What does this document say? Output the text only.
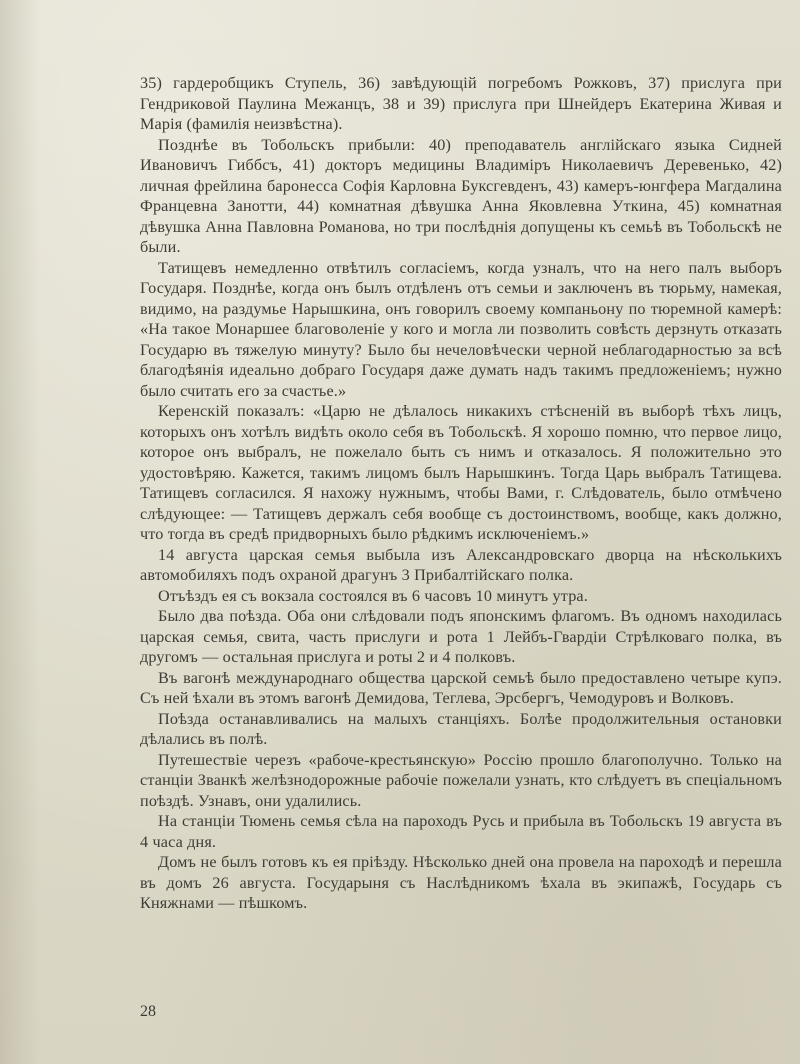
35) гардеробщикъ Ступель, 36) завѣдующій погребомъ Рожковъ, 37) прислуга при Гендриковой Паулина Межанцъ, 38 и 39) прислуга при Шнейдеръ Екатерина Живая и Марія (фамилія неизвѣстна).

Позднѣе въ Тобольскъ прибыли: 40) преподаватель англійскаго языка Сидней Ивановичъ Гиббсъ, 41) докторъ медицины Владиміръ Николаевичъ Деревенько, 42) личная фрейлина баронесса Софія Карловна Буксгевденъ, 43) камеръ-юнгфера Магдалина Францевна Занотти, 44) комнатная дѣвушка Анна Яковлевна Уткина, 45) комнатная дѣвушка Анна Павловна Романова, но три послѣднія допущены къ семьѣ въ Тобольскѣ не были.

Татищевъ немедленно отвѣтилъ согласіемъ, когда узналъ, что на него палъ выборъ Государя. Позднѣе, когда онъ былъ отдѣленъ отъ семьи и заключенъ въ тюрьму, намекая, видимо, на раздумье Нарышкина, онъ говорилъ своему компаньону по тюремной камерѣ: «На такое Монаршее благоволеніе у кого и могла ли позволить совѣсть дерзнуть отказать Государю въ тяжелую минуту? Было бы нечеловѣчески черной неблагодарностью за всѣ благодѣянія идеально добраго Государя даже думать надъ такимъ предложеніемъ; нужно было считать его за счастье.»

Керенскій показалъ: «Царю не дѣлалось никакихъ стѣсненій въ выборѣ тѣхъ лицъ, которыхъ онъ хотѣлъ видѣть около себя въ Тобольскѣ. Я хорошо помню, что первое лицо, которое онъ выбралъ, не пожелало быть съ нимъ и отказалось. Я положительно это удостовѣряю. Кажется, такимъ лицомъ былъ Нарышкинъ. Тогда Царь выбралъ Татищева. Татищевъ согласился. Я нахожу нужнымъ, чтобы Вами, г. Слѣдователь, было отмѣчено слѣдующее: — Татищевъ держалъ себя вообще съ достоинствомъ, вообще, какъ должно, что тогда въ средѣ придворныхъ было рѣдкимъ исключеніемъ.»

14 августа царская семья выбыла изъ Александровскаго дворца на нѣсколькихъ автомобиляхъ подъ охраной драгунъ 3 Прибалтійскаго полка.

Отъѣздъ ея съ вокзала состоялся въ 6 часовъ 10 минутъ утра.

Было два поѣзда. Оба они слѣдовали подъ японскимъ флагомъ. Въ одномъ находилась царская семья, свита, часть прислуги и рота 1 Лейбъ-Гвардіи Стрѣлковаго полка, въ другомъ — остальная прислуга и роты 2 и 4 полковъ.

Въ вагонѣ международнаго общества царской семьѣ было предоставлено четыре купэ. Съ ней ѣхали въ этомъ вагонѣ Демидова, Теглева, Эрсбергъ, Чемодуровъ и Волковъ.

Поѣзда останавливались на малыхъ станціяхъ. Болѣе продолжительныя остановки дѣлались въ полѣ.

Путешествіе черезъ «рабоче-крестьянскую» Россію прошло благополучно. Только на станціи Званкѣ желѣзнодорожные рабочіе пожелали узнать, кто слѣдуетъ въ спеціальномъ поѣздѣ. Узнавъ, они удалились.

На станціи Тюмень семья сѣла на пароходъ Русь и прибыла въ Тобольскъ 19 августа въ 4 часа дня.

Домъ не былъ готовъ къ ея пріѣзду. Нѣсколько дней она провела на пароходѣ и перешла въ домъ 26 августа. Государыня съ Наслѣдникомъ ѣхала въ экипажѣ, Государь съ Княжнами — пѣшкомъ.

28
